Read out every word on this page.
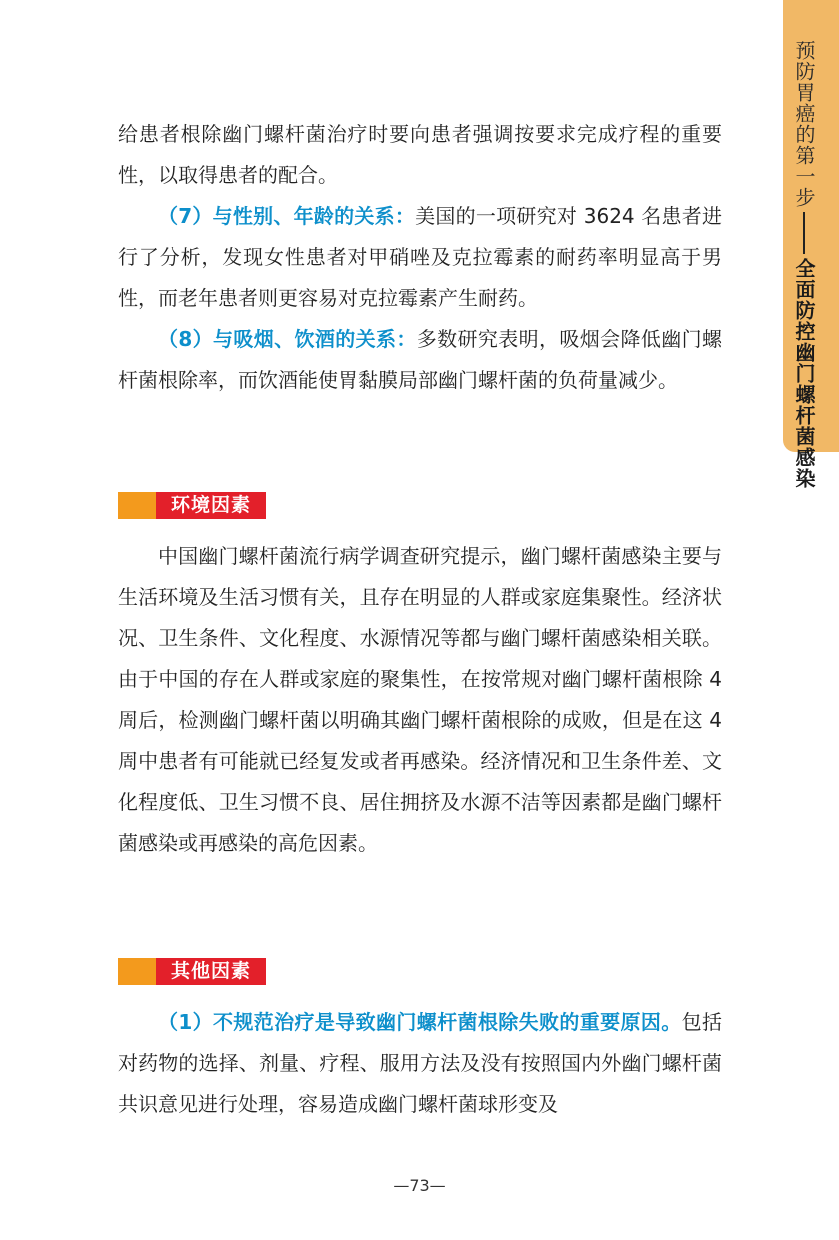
预防胃癌的第一步
全面防控幽门螺杆菌感染

给患者根除幽门螺杆菌治疗时要向患者强调按要求完成疗程的重要性，以取得患者的配合。

（7）与性别、年龄的关系：美国的一项研究对 3624 名患者进行了分析，发现女性患者对甲硝唑及克拉霉素的耐药率明显高于男性，而老年患者则更容易对克拉霉素产生耐药。

（8）与吸烟、饮酒的关系：多数研究表明，吸烟会降低幽门螺杆菌根除率，而饮酒能使胃黏膜局部幽门螺杆菌的负荷量减少。

环境因素

中国幽门螺杆菌流行病学调查研究提示，幽门螺杆菌感染主要与生活环境及生活习惯有关，且存在明显的人群或家庭集聚性。经济状况、卫生条件、文化程度、水源情况等都与幽门螺杆菌感染相关联。由于中国的存在人群或家庭的聚集性，在按常规对幽门螺杆菌根除 4 周后，检测幽门螺杆菌以明确其幽门螺杆菌根除的成败，但是在这 4 周中患者有可能就已经复发或者再感染。经济情况和卫生条件差、文化程度低、卫生习惯不良、居住拥挤及水源不洁等因素都是幽门螺杆菌感染或再感染的高危因素。

其他因素

（1）不规范治疗是导致幽门螺杆菌根除失败的重要原因。包括对药物的选择、剂量、疗程、服用方法及没有按照国内外幽门螺杆菌共识意见进行处理，容易造成幽门螺杆菌球形变及

—73—
